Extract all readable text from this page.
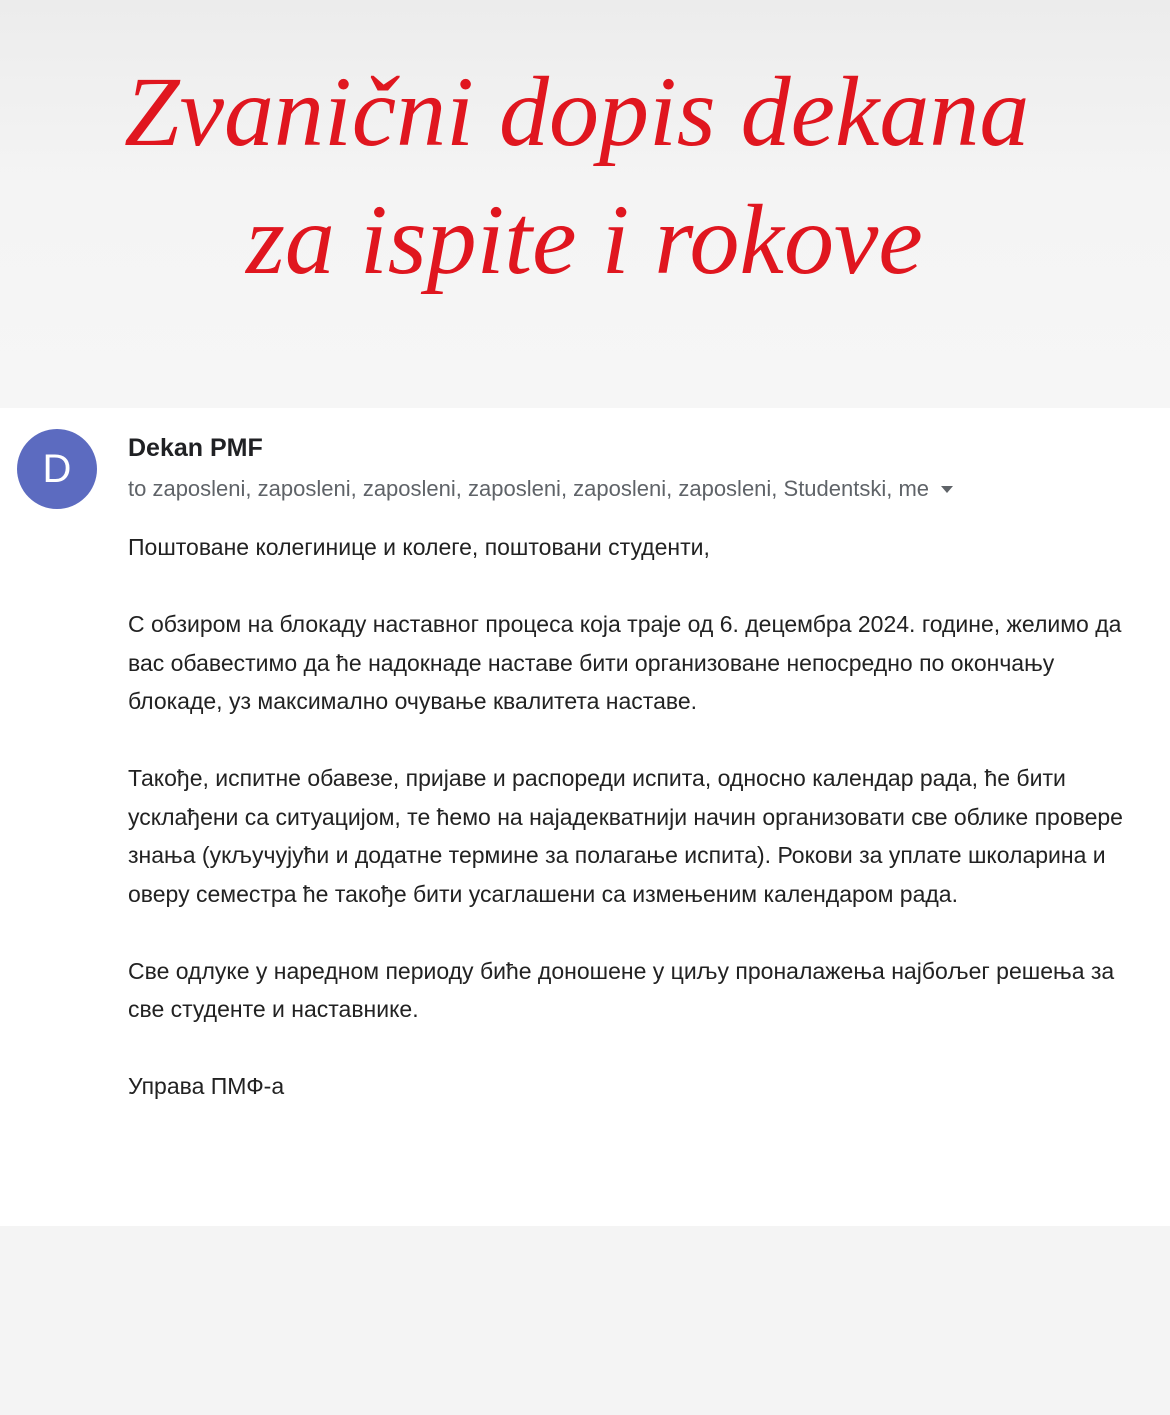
Zvanični dopis dekana
za ispite i rokove
D	Dekan PMF
to zaposleni, zaposleni, zaposleni, zaposleni, zaposleni, zaposleni, Studentski, me

Поштоване колегинице и колеге, поштовани студенти,

С обзиром на блокаду наставног процеса која траје од 6. децембра 2024. године, желимо да вас обавестимо да ће надокнаде наставе бити организоване непосредно по окончању блокаде, уз максимално очување квалитета наставе.

Такође, испитне обавезе, пријаве и распореди испита, односно календар рада, ће бити усклађени са ситуацијом, те ћемо на најадекватнији начин организовати све облике провере знања (укључујући и додатне термине за полагање испита). Рокови за уплате школарина и оверу семестра ће такође бити усаглашени са измењеним календаром рада.

Све одлуке у наредном периоду биће доношене у циљу проналажења најбољег решења за све студенте и наставнике.

Управа ПМФ-а
